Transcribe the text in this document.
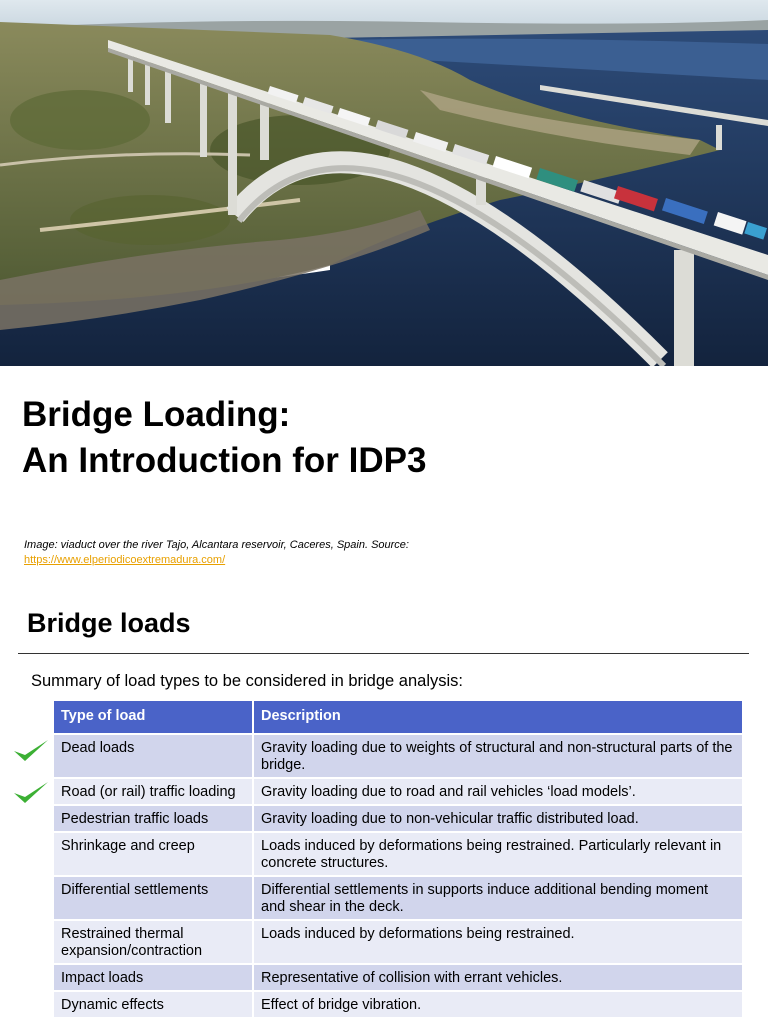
Bridge Loading:
An Introduction for IDP3
Image: viaduct over the river Tajo, Alcantara reservoir, Caceres, Spain. Source:
https://www.elperiodicoextremadura.com/
Bridge loads
Summary of load types to be considered in bridge analysis:
Type of load	Description
Dead loads	Gravity loading due to weights of structural and non-structural parts of the bridge.
Road (or rail) traffic loading	Gravity loading due to road and rail vehicles ‘load models’.
Pedestrian traffic loads	Gravity loading due to non-vehicular traffic distributed load.
Shrinkage and creep	Loads induced by deformations being restrained. Particularly relevant in concrete structures.
Differential settlements	Differential settlements in supports induce additional bending moment and shear in the deck.
Restrained thermal expansion/contraction	Loads induced by deformations being restrained.
Impact loads	Representative of collision with errant vehicles.
Dynamic effects	Effect of bridge vibration.
